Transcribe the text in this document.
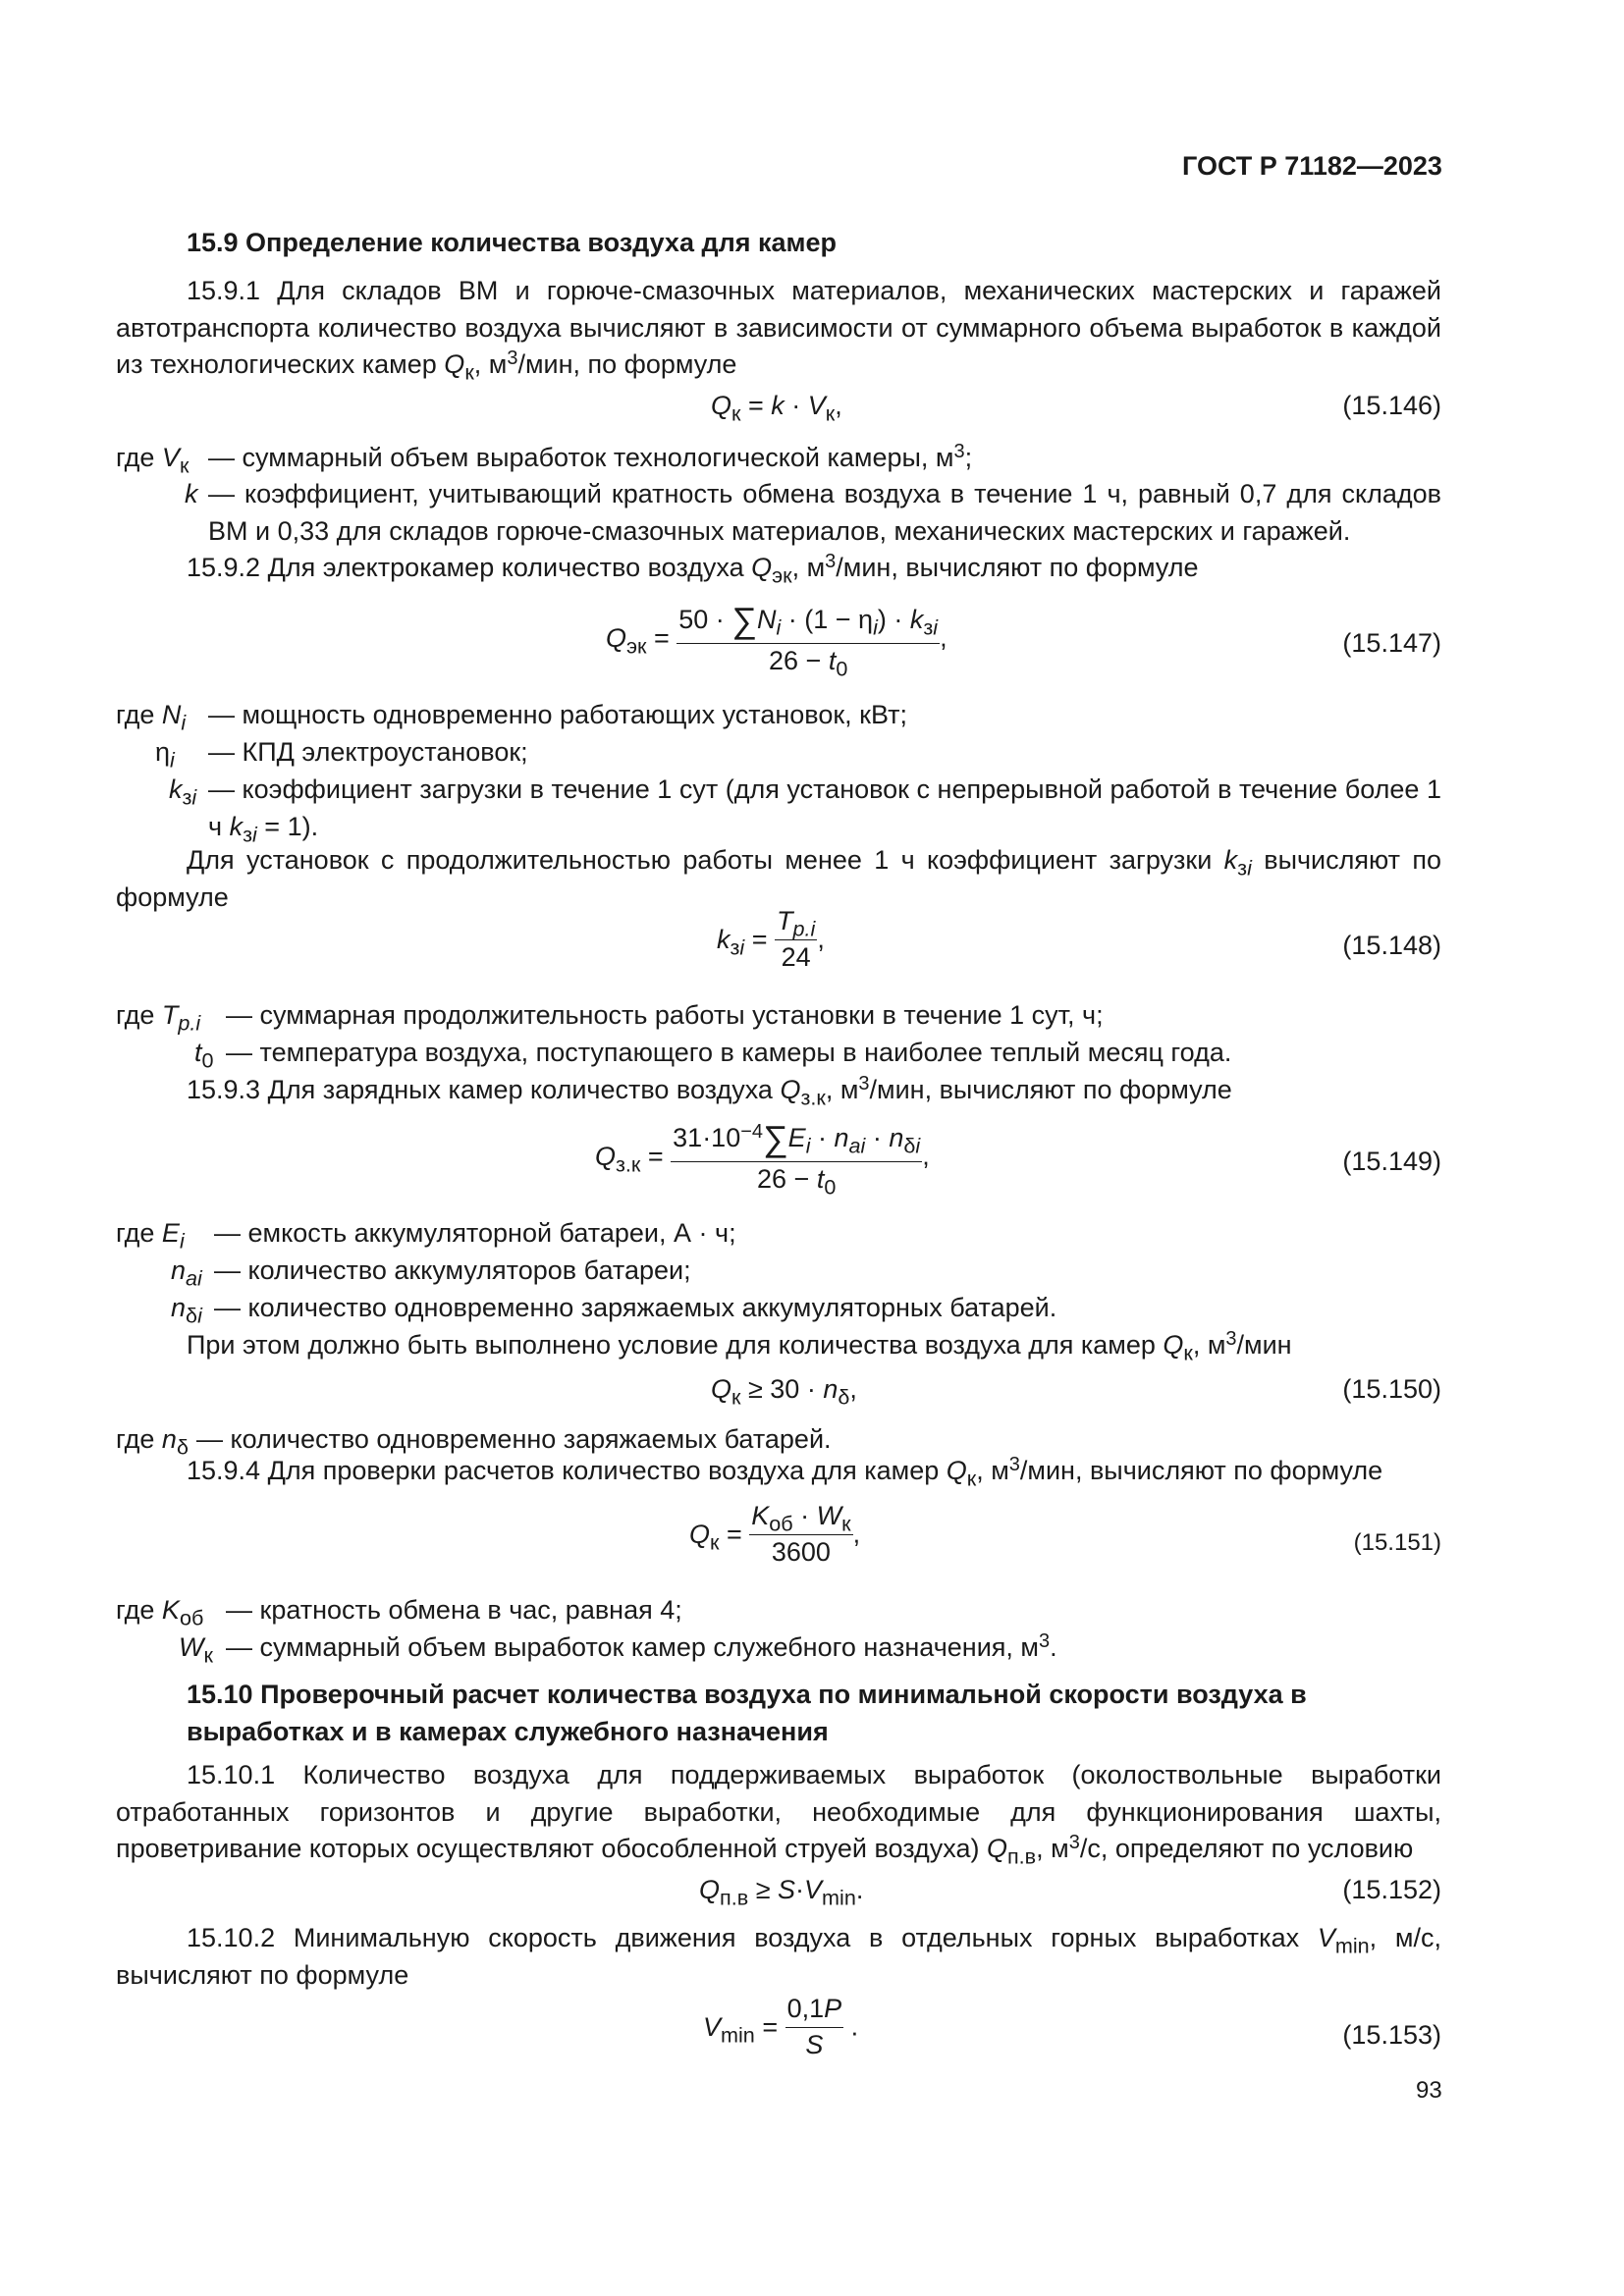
ГОСТ Р 71182—2023
15.9 Определение количества воздуха для камер
15.9.1 Для складов ВМ и горюче-смазочных материалов, механических мастерских и гаражей автотранспорта количество воздуха вычисляют в зависимости от суммарного объема выработок в каждой из технологических камер $Q_к$, $м^3$/мин, по формуле
$Q_к = k \cdot V_к$,	(15.146)
где $V_к$ — суммарный объем выработок технологической камеры, $м^3$;
k — коэффициент, учитывающий кратность обмена воздуха в течение 1 ч, равный 0,7 для складов ВМ и 0,33 для складов горюче-смазочных материалов, механических мастерских и гаражей.
15.9.2 Для электрокамер количество воздуха $Q_{эк}$, $м^3$/мин, вычисляют по формуле
$Q_{эк} = \frac{50 \cdot \sum N_i \cdot (1 - \eta_i) \cdot k_{зi}}{26 - t_0}$ ,	(15.147)
где $N_i$ — мощность одновременно работающих установок, кВт;
$\eta_i$ — КПД электроустановок;
$k_{зi}$ — коэффициент загрузки в течение 1 сут (для установок с непрерывной работой в течение более 1 ч $k_{зi} = 1$).
Для установок с продолжительностью работы менее 1 ч коэффициент загрузки $k_{зi}$ вычисляют по формуле
$k_{зi} = \frac{T_{p.i}}{24}$ ,	(15.148)
где $T_{p.i}$ — суммарная продолжительность работы установки в течение 1 сут, ч;
$t_0$ — температура воздуха, поступающего в камеры в наиболее теплый месяц года.
15.9.3 Для зарядных камер количество воздуха $Q_{з.к}$, $м^3$/мин, вычисляют по формуле
$Q_{з.к} = \frac{31\cdot 10^{-4}\sum E_i \cdot n_{ai} \cdot n_{\delta i}}{26 - t_0}$ ,	(15.149)
где $E_i$ — емкость аккумуляторной батареи, А · ч;
$n_{ai}$ — количество аккумуляторов батареи;
$n_{\delta i}$ — количество одновременно заряжаемых аккумуляторных батарей.
При этом должно быть выполнено условие для количества воздуха для камер $Q_к$, $м^3$/мин
$Q_к \ge 30 \cdot n_\delta$,	(15.150)
где $n_\delta$ — количество одновременно заряжаемых батарей.
15.9.4 Для проверки расчетов количество воздуха для камер $Q_к$, $м^3$/мин, вычисляют по формуле
$Q_к = \frac{K_{об} \cdot W_к}{3600}$ ,	(15.151)
где $K_{об}$ — кратность обмена в час, равная 4;
$W_к$ — суммарный объем выработок камер служебного назначения, $м^3$.
15.10 Проверочный расчет количества воздуха по минимальной скорости воздуха в выработках и в камерах служебного назначения
15.10.1 Количество воздуха для поддерживаемых выработок (околоствольные выработки отработанных горизонтов и другие выработки, необходимые для функционирования шахты, проветривание которых осуществляют обособленной струей воздуха) $Q_{п.в}$, $м^3/с$, определяют по условию
$Q_{п.в} \ge S\cdot V_{min}$.	(15.152)
15.10.2 Минимальную скорость движения воздуха в отдельных горных выработках $V_{min}$, м/с, вычисляют по формуле
$V_{min} = \frac{0,1P}{S}$ .	(15.153)
93
